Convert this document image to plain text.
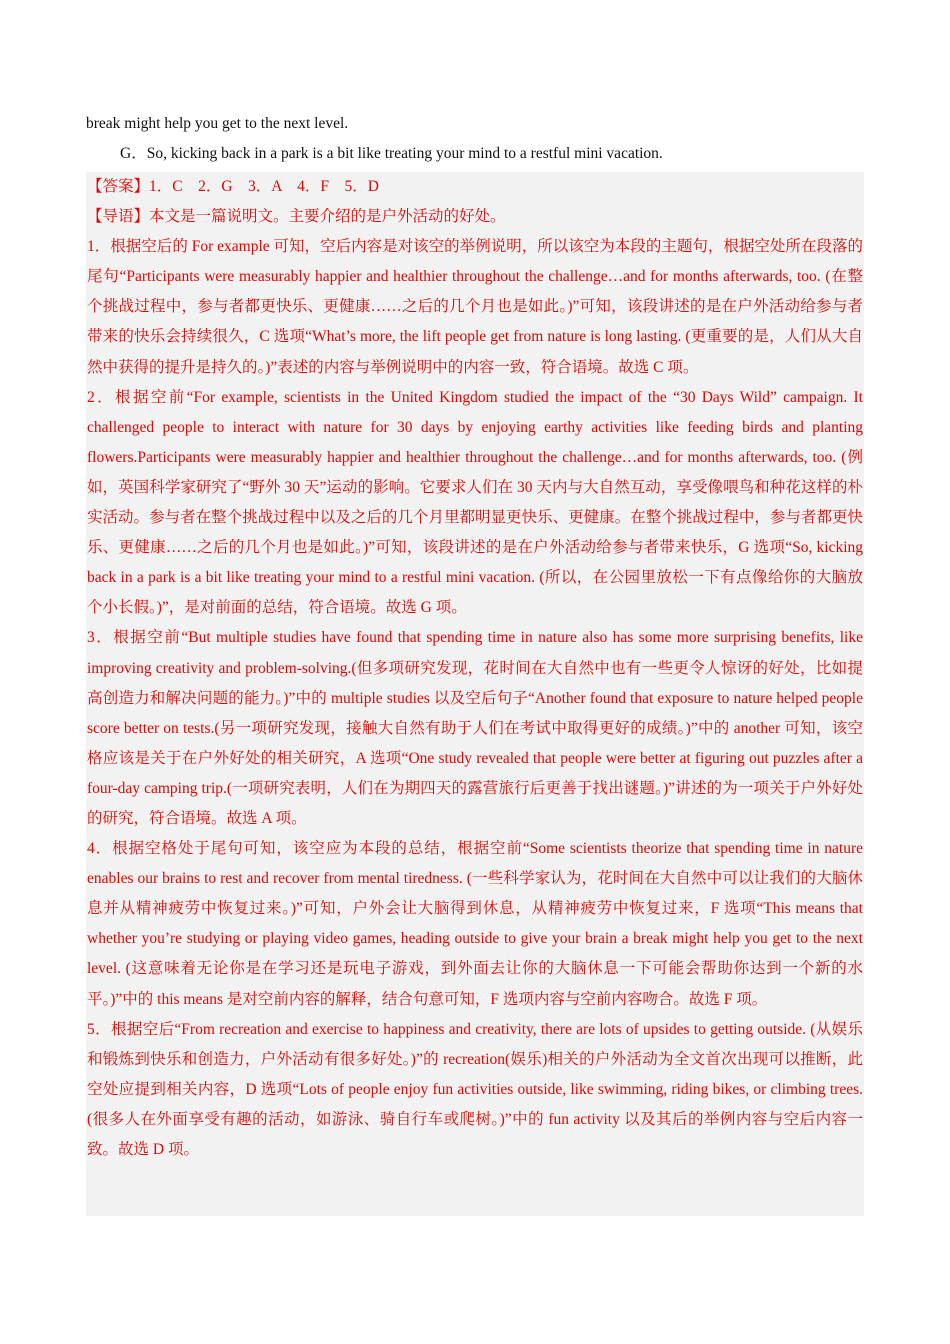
break might help you get to the next level.
G．So, kicking back in a park is a bit like treating your mind to a restful mini vacation.

【答案】1．C　2．G　3．A　4．F　5．D

【导语】本文是一篇说明文。主要介绍的是户外活动的好处。

1．根据空后的 For example 可知，空后内容是对该空的举例说明，所以该空为本段的主题句，根据空处所在段落的尾句“Participants were measurably happier and healthier throughout the challenge…and for months afterwards, too. (在整个挑战过程中，参与者都更快乐、更健康……之后的几个月也是如此。)”可知，该段讲述的是在户外活动给参与者带来的快乐会持续很久，C 选项“What’s more, the lift people get from nature is long lasting. (更重要的是，人们从大自然中获得的提升是持久的。)”表述的内容与举例说明中的内容一致，符合语境。故选 C 项。

2．根据空前“For example, scientists in the United Kingdom studied the impact of the “30 Days Wild” campaign. It challenged people to interact with nature for 30 days by enjoying earthy activities like feeding birds and planting flowers.Participants were measurably happier and healthier throughout the challenge…and for months afterwards, too. (例如，英国科学家研究了“野外 30 天”运动的影响。它要求人们在 30 天内与大自然互动，享受像喂鸟和种花这样的朴实活动。参与者在整个挑战过程中以及之后的几个月里都明显更快乐、更健康。在整个挑战过程中，参与者都更快乐、更健康……之后的几个月也是如此。)”可知，该段讲述的是在户外活动给参与者带来快乐，G 选项“So, kicking back in a park is a bit like treating your mind to a restful mini vacation. (所以，在公园里放松一下有点像给你的大脑放个小长假。)”，是对前面的总结，符合语境。故选 G 项。

3．根据空前“But multiple studies have found that spending time in nature also has some more surprising benefits, like improving creativity and problem-solving.(但多项研究发现，花时间在大自然中也有一些更令人惊讶的好处，比如提高创造力和解决问题的能力。)”中的 multiple studies 以及空后句子“Another found that exposure to nature helped people score better on tests.(另一项研究发现，接触大自然有助于人们在考试中取得更好的成绩。)”中的 another 可知，该空格应该是关于在户外好处的相关研究，A 选项“One study revealed that people were better at figuring out puzzles after a four-day camping trip.(一项研究表明，人们在为期四天的露营旅行后更善于找出谜题。)”讲述的为一项关于户外好处的研究，符合语境。故选 A 项。

4．根据空格处于尾句可知，该空应为本段的总结，根据空前“Some scientists theorize that spending time in nature enables our brains to rest and recover from mental tiredness. (一些科学家认为，花时间在大自然中可以让我们的大脑休息并从精神疲劳中恢复过来。)”可知，户外会让大脑得到休息，从精神疲劳中恢复过来，F 选项“This means that whether you’re studying or playing video games, heading outside to give your brain a break might help you get to the next level. (这意味着无论你是在学习还是玩电子游戏，到外面去让你的大脑休息一下可能会帮助你达到一个新的水平。)”中的 this means 是对空前内容的解释，结合句意可知，F 选项内容与空前内容吻合。故选 F 项。

5．根据空后“From recreation and exercise to happiness and creativity, there are lots of upsides to getting outside. (从娱乐和锻炼到快乐和创造力，户外活动有很多好处。)”的 recreation(娱乐)相关的户外活动为全文首次出现可以推断，此空处应提到相关内容，D 选项“Lots of people enjoy fun activities outside, like swimming, riding bikes, or climbing trees. (很多人在外面享受有趣的活动，如游泳、骑自行车或爬树。)”中的 fun activity 以及其后的举例内容与空后内容一致。故选 D 项。
